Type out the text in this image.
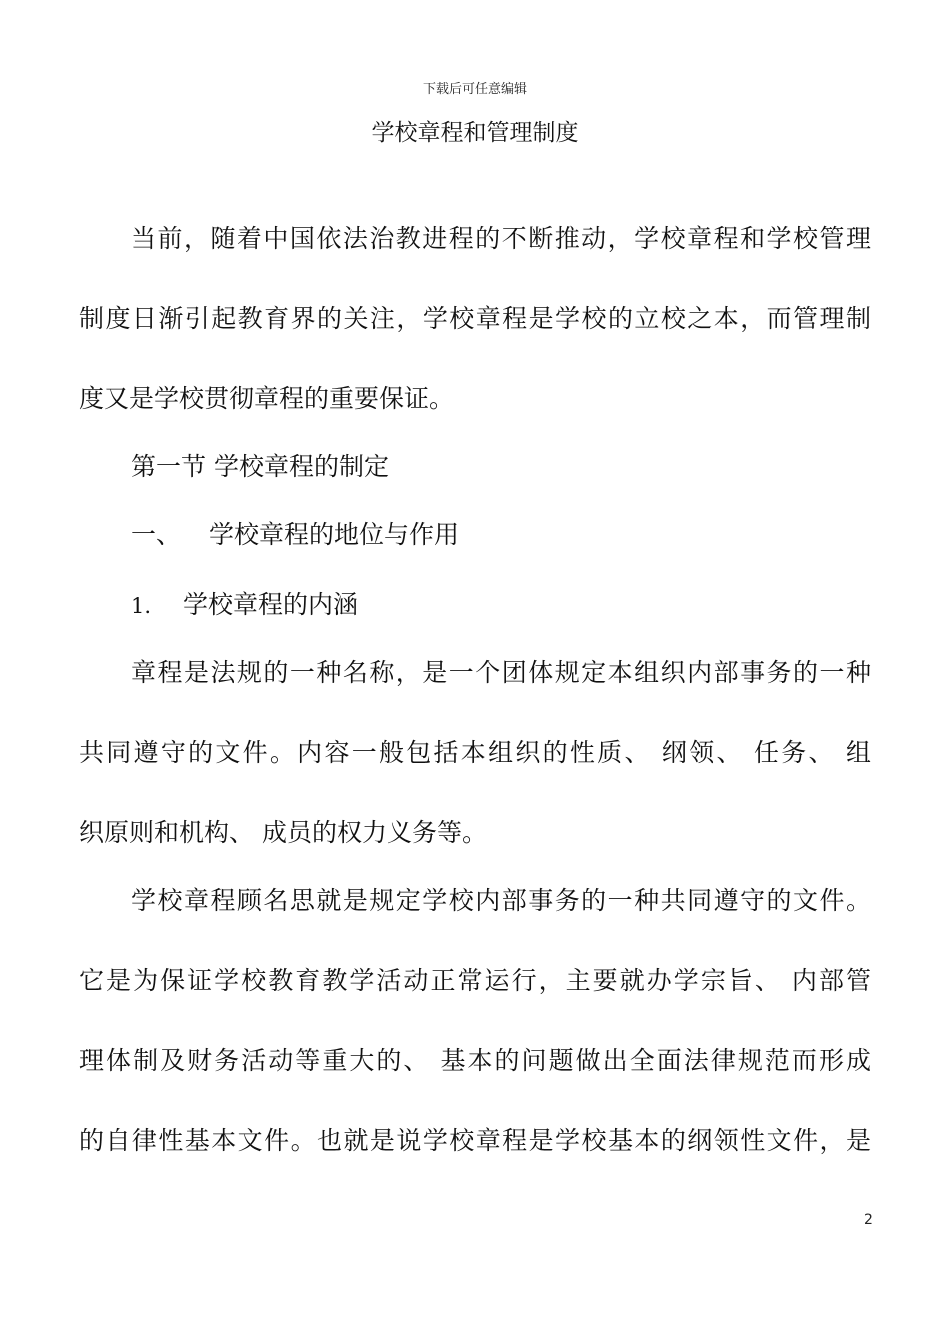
下载后可任意编辑
学校章程和管理制度
当前，随着中国依法治教进程的不断推动，学校章程和学校管理
制度日渐引起教育界的关注，学校章程是学校的立校之本，而管理制
度又是学校贯彻章程的重要保证。
第一节 学校章程的制定
一、 学校章程的地位与作用
1. 学校章程的内涵
章程是法规的一种名称，是一个团体规定本组织内部事务的一种
共同遵守的文件。内容一般包括本组织的性质、 纲领、 任务、 组
织原则和机构、 成员的权力义务等。
学校章程顾名思就是规定学校内部事务的一种共同遵守的文件。
它是为保证学校教育教学活动正常运行，主要就办学宗旨、 内部管
理体制及财务活动等重大的、 基本的问题做出全面法律规范而形成
的自律性基本文件。也就是说学校章程是学校基本的纲领性文件，是
2
